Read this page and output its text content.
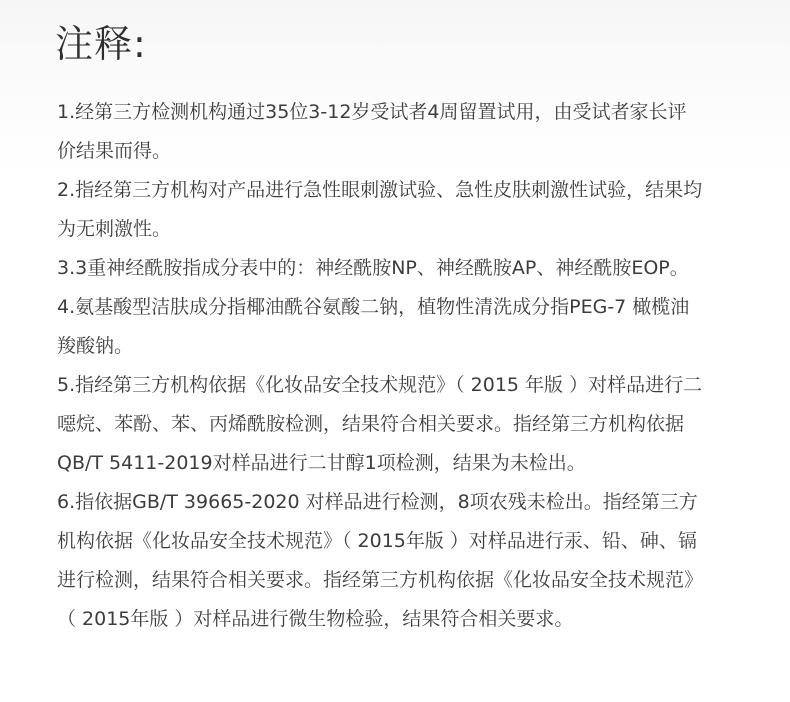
注释:
1.经第三方检测机构通过35位3-12岁受试者4周留置试用，由受试者家长评
价结果而得。
2.指经第三方机构对产品进行急性眼刺激试验、急性皮肤刺激性试验，结果均
为无刺激性。
3.3重神经酰胺指成分表中的：神经酰胺NP、神经酰胺AP、神经酰胺EOP。
4.氨基酸型洁肤成分指椰油酰谷氨酸二钠，植物性清洗成分指PEG-7 橄榄油
羧酸钠。
5.指经第三方机构依据《化妆品安全技术规范》（ 2015 年版 ）对样品进行二
噁烷、苯酚、苯、丙烯酰胺检测，结果符合相关要求。指经第三方机构依据
QB/T 5411-2019对样品进行二甘醇1项检测，结果为未检出。
6.指依据GB/T 39665-2020 对样品进行检测，8项农残未检出。指经第三方
机构依据《化妆品安全技术规范》（ 2015年版 ）对样品进行汞、铅、砷、镉
进行检测，结果符合相关要求。指经第三方机构依据《化妆品安全技术规范》
（ 2015年版 ）对样品进行微生物检验，结果符合相关要求。
